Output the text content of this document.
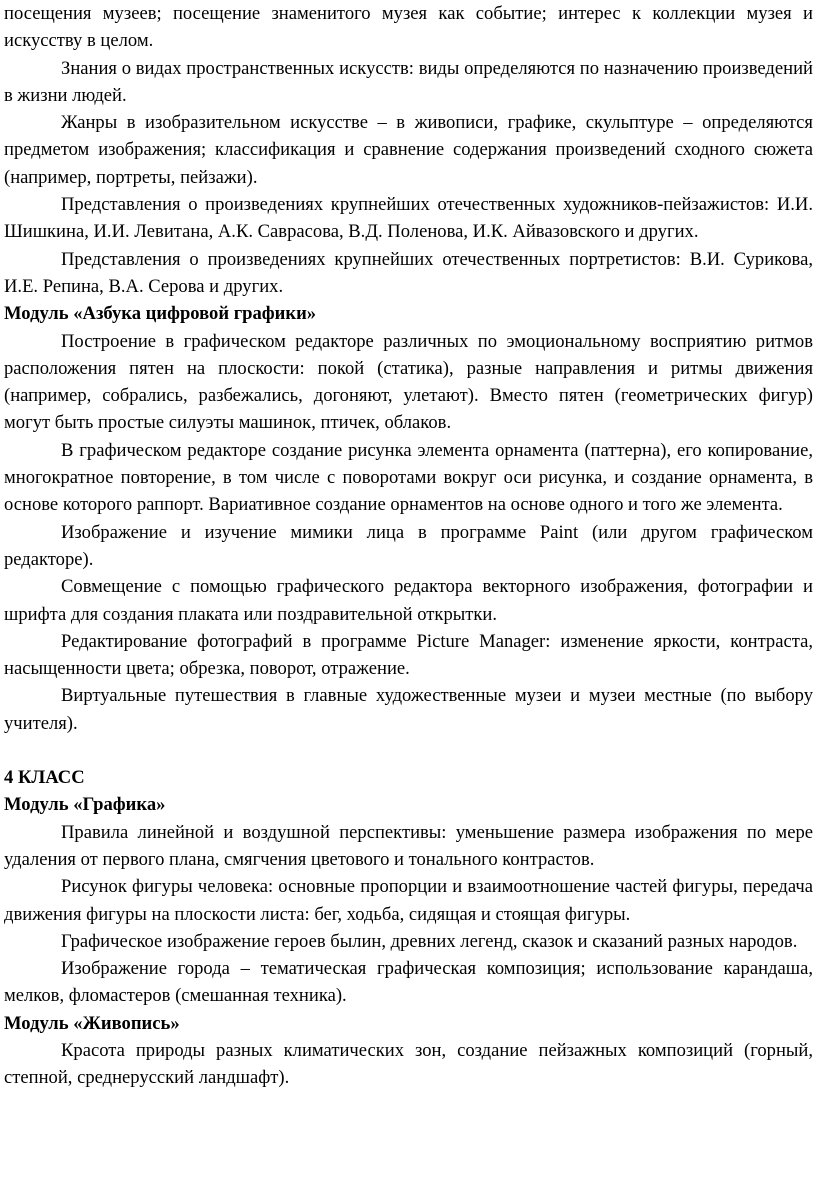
посещения музеев; посещение знаменитого музея как событие; интерес к коллекции музея и искусству в целом.

Знания о видах пространственных искусств: виды определяются по назначению произведений в жизни людей.

Жанры в изобразительном искусстве – в живописи, графике, скульптуре – определяются предметом изображения; классификация и сравнение содержания произведений сходного сюжета (например, портреты, пейзажи).

Представления о произведениях крупнейших отечественных художников-пейзажистов: И.И. Шишкина, И.И. Левитана, А.К. Саврасова, В.Д. Поленова, И.К. Айвазовского и других.

Представления о произведениях крупнейших отечественных портретистов: В.И. Сурикова, И.Е. Репина, В.А. Серова и других.

Модуль «Азбука цифровой графики»

Построение в графическом редакторе различных по эмоциональному восприятию ритмов расположения пятен на плоскости: покой (статика), разные направления и ритмы движения (например, собрались, разбежались, догоняют, улетают). Вместо пятен (геометрических фигур) могут быть простые силуэты машинок, птичек, облаков.

В графическом редакторе создание рисунка элемента орнамента (паттерна), его копирование, многократное повторение, в том числе с поворотами вокруг оси рисунка, и создание орнамента, в основе которого раппорт. Вариативное создание орнаментов на основе одного и того же элемента.

Изображение и изучение мимики лица в программе Paint (или другом графическом редакторе).

Совмещение с помощью графического редактора векторного изображения, фотографии и шрифта для создания плаката или поздравительной открытки.

Редактирование фотографий в программе Picture Manager: изменение яркости, контраста, насыщенности цвета; обрезка, поворот, отражение.

Виртуальные путешествия в главные художественные музеи и музеи местные (по выбору учителя).

4 КЛАСС

Модуль «Графика»

Правила линейной и воздушной перспективы: уменьшение размера изображения по мере удаления от первого плана, смягчения цветового и тонального контрастов.

Рисунок фигуры человека: основные пропорции и взаимоотношение частей фигуры, передача движения фигуры на плоскости листа: бег, ходьба, сидящая и стоящая фигуры.

Графическое изображение героев былин, древних легенд, сказок и сказаний разных народов.

Изображение города – тематическая графическая композиция; использование карандаша, мелков, фломастеров (смешанная техника).

Модуль «Живопись»

Красота природы разных климатических зон, создание пейзажных композиций (горный, степной, среднерусский ландшафт).
